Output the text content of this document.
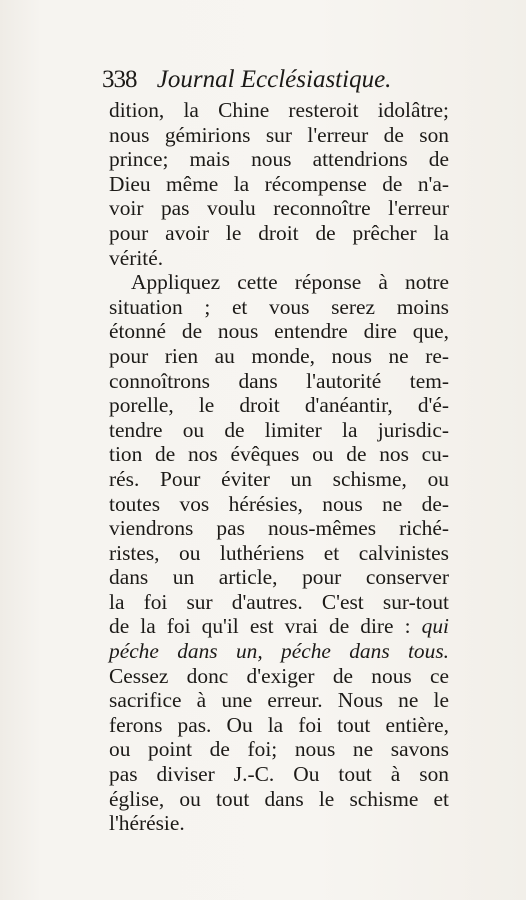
338 Journal Ecclésiastique.
dition, la Chine resteroit idolâtre;
nous gémirions sur l'erreur de son
prince; mais nous attendrions de
Dieu même la récompense de n'a-
voir pas voulu reconnoître l'erreur
pour avoir le droit de prêcher la
vérité.
Appliquez cette réponse à notre
situation ; et vous serez moins
étonné de nous entendre dire que,
pour rien au monde, nous ne re-
connoîtrons dans l'autorité tem-
porelle, le droit d'anéantir, d'é-
tendre ou de limiter la jurisdic-
tion de nos évêques ou de nos cu-
rés. Pour éviter un schisme, ou
toutes vos hérésies, nous ne de-
viendrons pas nous-mêmes riché-
ristes, ou luthériens et calvinistes
dans un article, pour conserver
la foi sur d'autres. C'est sur-tout
de la foi qu'il est vrai de dire : qui
péche dans un, péche dans tous.
Cessez donc d'exiger de nous ce
sacrifice à une erreur. Nous ne le
ferons pas. Ou la foi tout entière,
ou point de foi; nous ne savons
pas diviser J.-C. Ou tout à son
église, ou tout dans le schisme et
l'hérésie.
